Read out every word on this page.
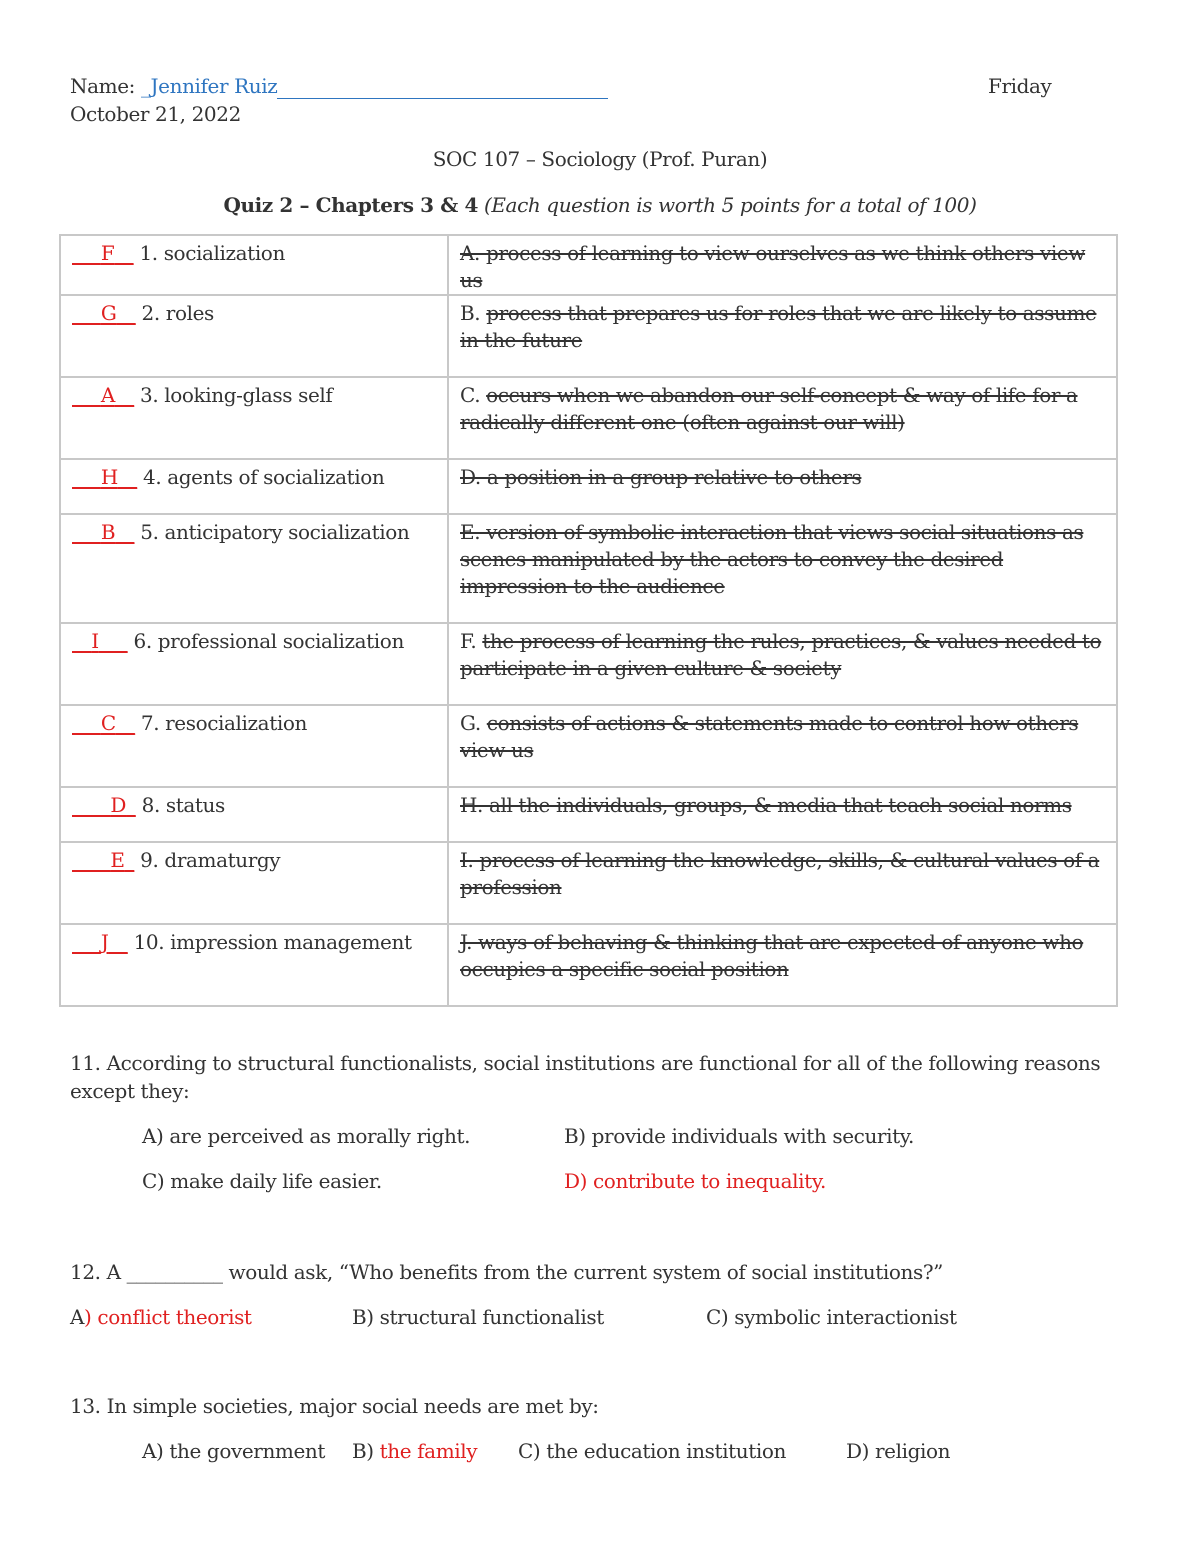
Name: _Jennifer Ruiz	Friday
October 21, 2022
SOC 107 – Sociology (Prof. Puran)
Quiz 2 – Chapters 3 & 4 (Each question is worth 5 points for a total of 100)
___F__ 1. socialization	A. process of learning to view ourselves as we think others view us
___G__ 2. roles	B. process that prepares us for roles that we are likely to assume in the future
___A__ 3. looking-glass self	C. occurs when we abandon our self-concept & way of life for a radically different one (often against our will)
___H__ 4. agents of socialization	D. a position in a group relative to others
___B__ 5. anticipatory socialization	E. version of symbolic interaction that views social situations as scenes manipulated by the actors to convey the desired impression to the audience
__I___ 6. professional socialization	F. the process of learning the rules, practices, & values needed to participate in a given culture & society
___C__ 7. resocialization	G. consists of actions & statements made to control how others view us
____D_ 8. status	H. all the individuals, groups, & media that teach social norms
____E_ 9. dramaturgy	I. process of learning the knowledge, skills, & cultural values of a profession
___J__ 10. impression management	J. ways of behaving & thinking that are expected of anyone who occupies a specific social position
11. According to structural functionalists, social institutions are functional for all of the following reasons
except they:
A) are perceived as morally right.	B) provide individuals with security.
C) make daily life easier.	D) contribute to inequality.
12. A __________ would ask, “Who benefits from the current system of social institutions?”
A) conflict theorist	B) structural functionalist	C) symbolic interactionist
13. In simple societies, major social needs are met by:
A) the government B) the family C) the education institution	D) religion
